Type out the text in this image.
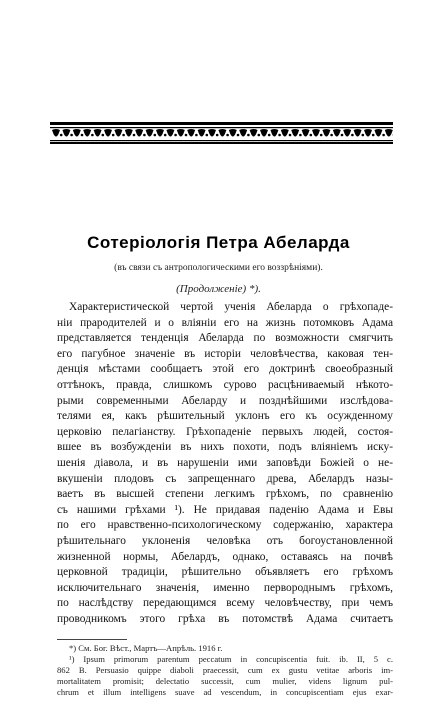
Сотеріологія Петра Абеларда
(въ связи съ антропологическими его воззрѣніями).
(Продолженіе) *).
Характеристической чертой ученія Абеларда о грѣхопаде-
ніи прародителей и о вліяніи его на жизнь потомковъ Адама
представляется тенденція Абеларда по возможности смягчить
его пагубное значеніе въ исторіи человѣчества, каковая тен-
денція мѣстами сообщаетъ этой его доктринѣ своеобразный
оттѣнокъ, правда, слишкомъ сурово расцѣниваемый нѣкото-
рыми современными Абеларду и позднѣйшими изслѣдова-
телями ея, какъ рѣшительный уклонъ его къ осужденному
церковію пелагіанству. Грѣхопаденіе первыхъ людей, состоя-
вшее въ возбужденіи въ нихъ похоти, подъ вліяніемъ иску-
шенія діавола, и въ нарушеніи ими заповѣди Божіей о не-
вкушеніи плодовъ съ запрещеннаго древа, Абелардъ назы-
ваетъ въ высшей степени легкимъ грѣхомъ, по сравненію
съ нашими грѣхами ¹). Не придавая паденію Адама и Евы
по его нравственно-психологическому содержанію, характера
рѣшительнаго уклоненія человѣка отъ богоустановленной
жизненной нормы, Абелардъ, однако, оставаясь на почвѣ
церковной традиціи, рѣшительно объявляетъ его грѣхомъ
исключительнаго значенія, именно первороднымъ грѣхомъ,
по наслѣдству передающимся всему человѣчеству, при чемъ
проводникомъ этого грѣха въ потомствѣ Адама считаетъ
*) См. Бог. Вѣст., Мартъ—Апрѣль. 1916 г.
¹) Ipsum primorum parentum peccatum in concupiscentia fuit. ib. II, 5 с.
862 B. Persuasio quippe diaboli praecessit, cum ex gustu vetitae arboris im-
mortalitatem promisit; delectatio successit, cum mulier, videns lignum pul-
chrum et illum intelligens suave ad vescendum, in concupiscentiam ejus exar-
